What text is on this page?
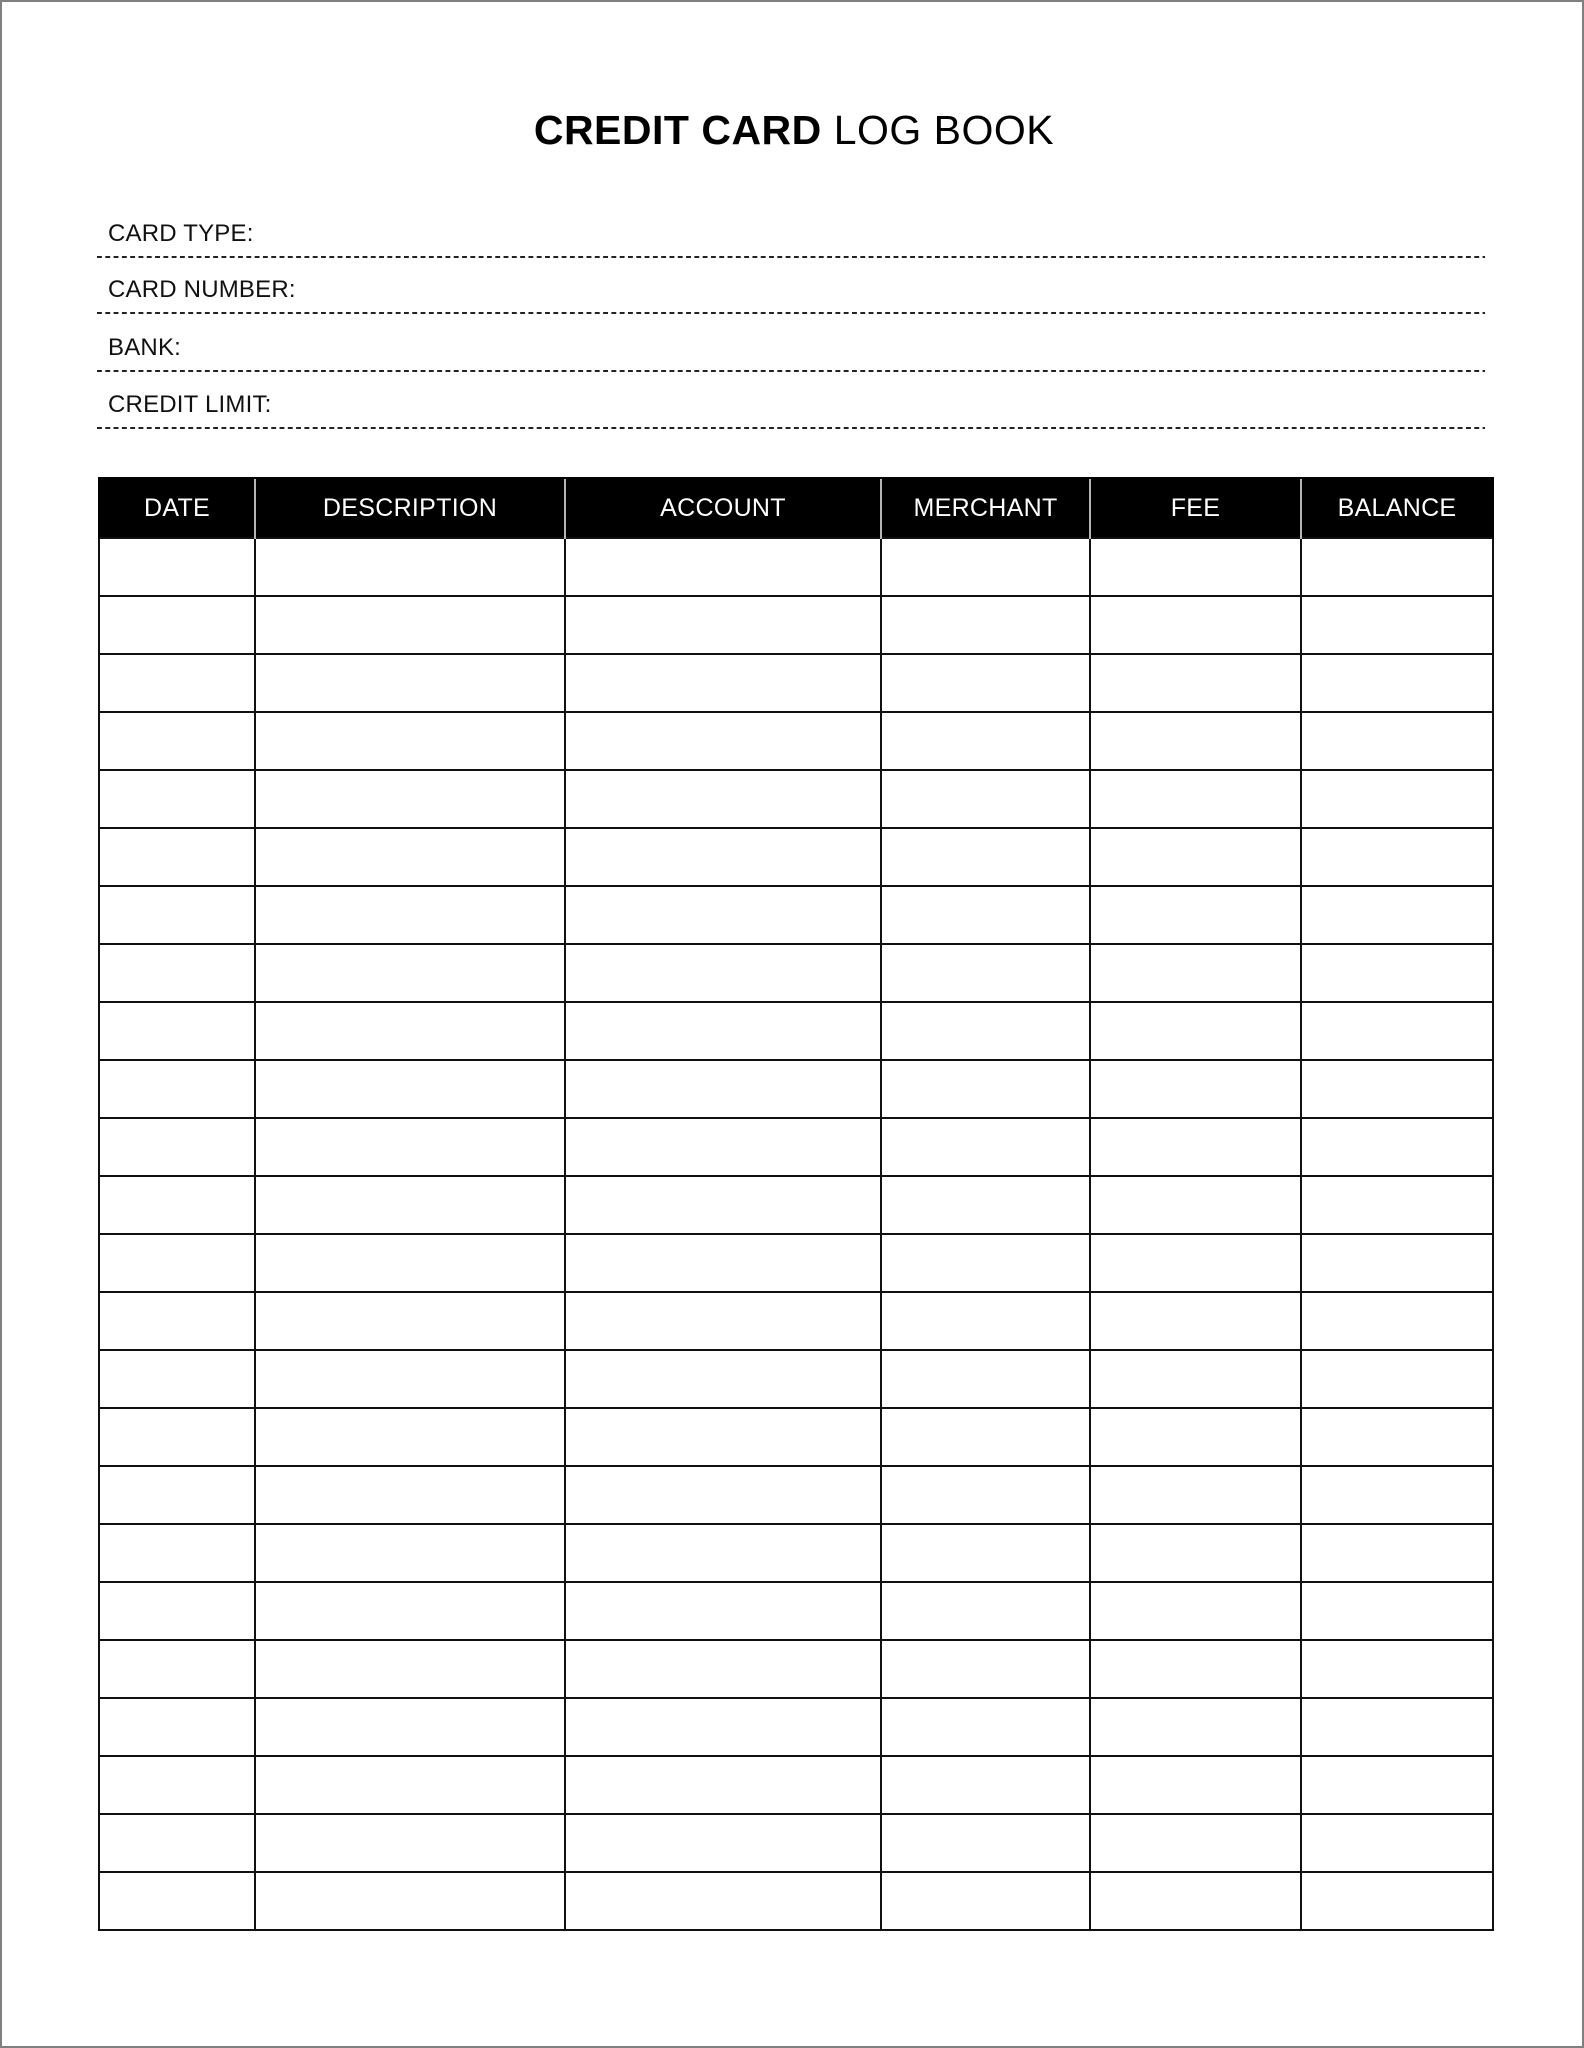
CREDIT CARD LOG BOOK
CARD TYPE:
CARD NUMBER:
BANK:
CREDIT LIMIT:
DATE	DESCRIPTION	ACCOUNT	MERCHANT	FEE	BALANCE
